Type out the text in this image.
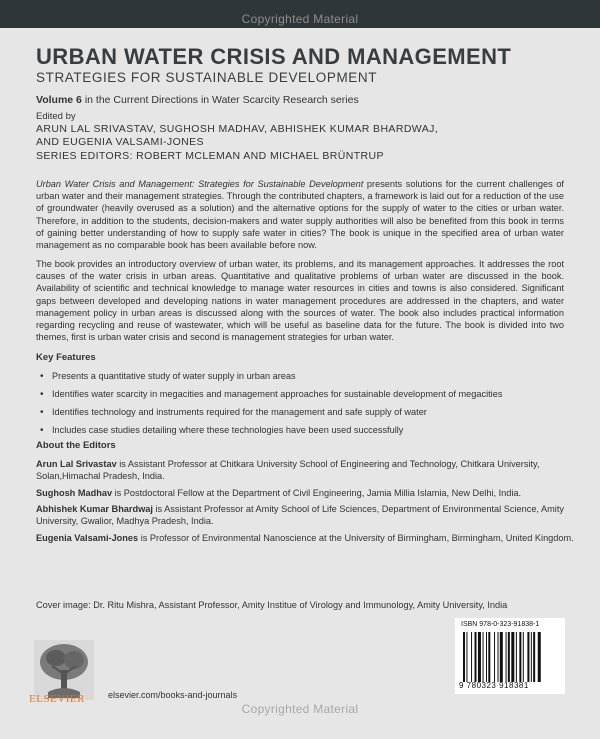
Copyrighted Material
URBAN WATER CRISIS AND MANAGEMENT
STRATEGIES FOR SUSTAINABLE DEVELOPMENT
Volume 6 in the Current Directions in Water Scarcity Research series
Edited by
ARUN LAL SRIVASTAV, SUGHOSH MADHAV, ABHISHEK KUMAR BHARDWAJ,
AND EUGENIA VALSAMI-JONES
SERIES EDITORS: ROBERT MCLEMAN AND MICHAEL BRÜNTRUP
Urban Water Crisis and Management: Strategies for Sustainable Development presents solutions for the current challenges of urban water and their management strategies. Through the contributed chapters, a framework is laid out for a reduction of the use of groundwater (heavily overused as a solution) and the alternative options for the supply of water to the cities or urban water. Therefore, in addition to the students, decision-makers and water supply authorities will also be benefited from this book in terms of gaining better understanding of how to supply safe water in cities? The book is unique in the specified area of urban water management as no comparable book has been available before now.
The book provides an introductory overview of urban water, its problems, and its management approaches. It addresses the root causes of the water crisis in urban areas. Quantitative and qualitative problems of urban water are discussed in the book. Availability of scientific and technical knowledge to manage water resources in cities and towns is also considered. Significant gaps between developed and developing nations in water management procedures are addressed in the chapters, and water management policy in urban areas is discussed along with the sources of water. The book also includes practical information regarding recycling and reuse of wastewater, which will be useful as baseline data for the future. The book is divided into two themes, first is urban water crisis and second is management strategies for urban water.
Key Features
• Presents a quantitative study of water supply in urban areas
• Identifies water scarcity in megacities and management approaches for sustainable development of megacities
• Identifies technology and instruments required for the management and safe supply of water
• Includes case studies detailing where these technologies have been used successfully
About the Editors
Arun Lal Srivastav is Assistant Professor at Chitkara University School of Engineering and Technology, Chitkara University, Solan,Himachal Pradesh, India.
Sughosh Madhav is Postdoctoral Fellow at the Department of Civil Engineering, Jamia Millia Islamia, New Delhi, India.
Abhishek Kumar Bhardwaj is Assistant Professor at Amity School of Life Sciences, Department of Environmental Science, Amity University, Gwalior, Madhya Pradesh, India.
Eugenia Valsami-Jones is Professor of Environmental Nanoscience at the University of Birmingham, Birmingham, United Kingdom.
Cover image: Dr. Ritu Mishra, Assistant Professor, Amity Institue of Virology and Immunology, Amity University, India
ISBN 978-0-323-91838-1
9 780323 918381
ELSEVIER	elsevier.com/books-and-journals
Copyrighted Material
